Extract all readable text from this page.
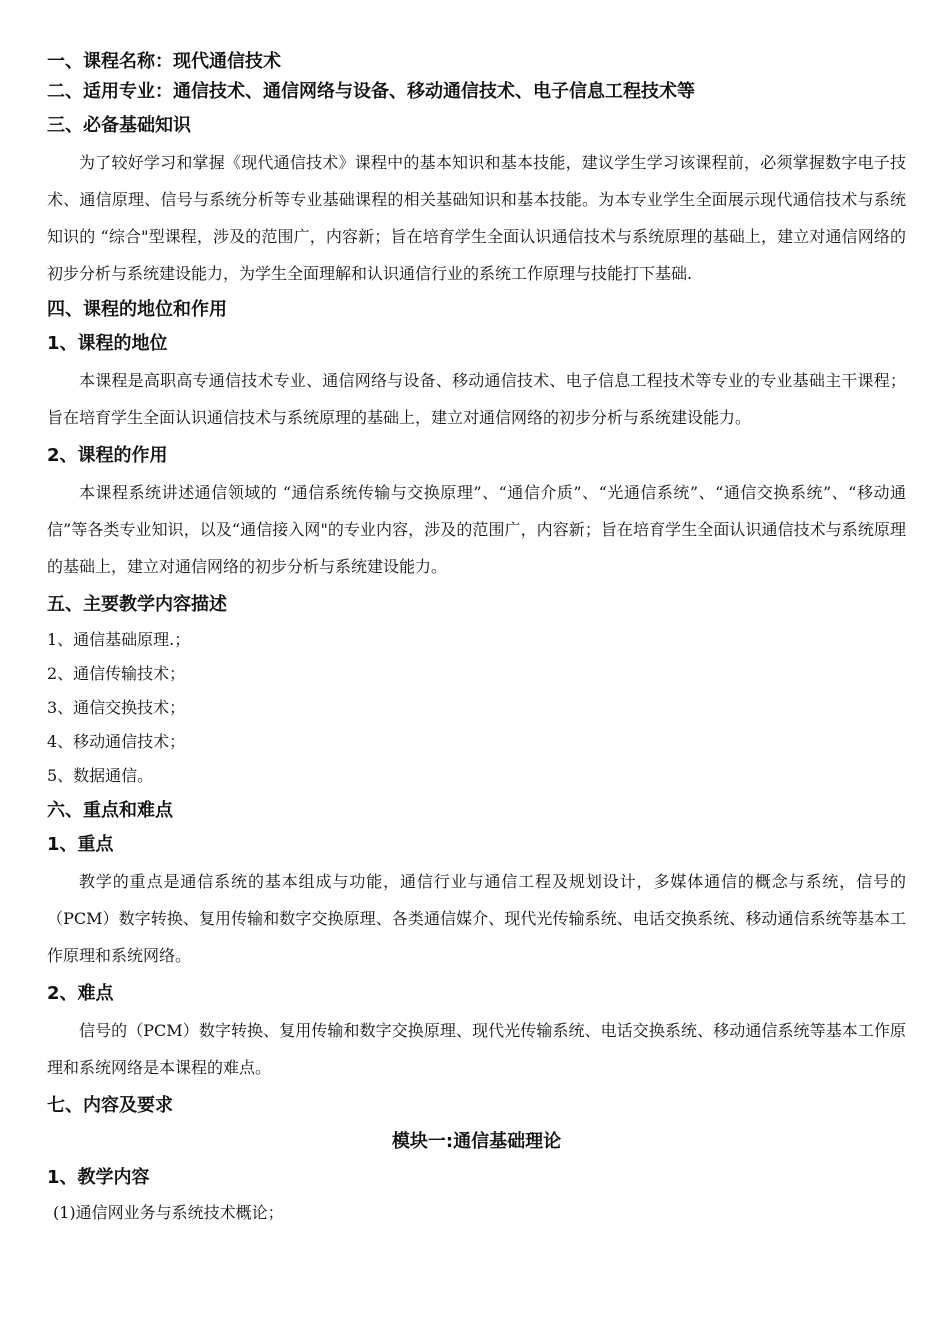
一、课程名称：现代通信技术

二、适用专业：通信技术、通信网络与设备、移动通信技术、电子信息工程技术等

三、必备基础知识

为了较好学习和掌握《现代通信技术》课程中的基本知识和基本技能，建议学生学习该课程前，必须掌握数字电子技术、通信原理、信号与系统分析等专业基础课程的相关基础知识和基本技能。为本专业学生全面展示现代通信技术与系统知识的 “综合"型课程，涉及的范围广，内容新；旨在培育学生全面认识通信技术与系统原理的基础上，建立对通信网络的初步分析与系统建设能力，为学生全面理解和认识通信行业的系统工作原理与技能打下基础.

四、课程的地位和作用

1、课程的地位

本课程是高职高专通信技术专业、通信网络与设备、移动通信技术、电子信息工程技术等专业的专业基础主干课程；旨在培育学生全面认识通信技术与系统原理的基础上，建立对通信网络的初步分析与系统建设能力。

2、课程的作用

本课程系统讲述通信领域的 “通信系统传输与交换原理”、“通信介质”、“光通信系统”、“通信交换系统”、“移动通信”等各类专业知识，以及“通信接入网"的专业内容，涉及的范围广，内容新；旨在培育学生全面认识通信技术与系统原理的基础上，建立对通信网络的初步分析与系统建设能力。

五、主要教学内容描述

1、通信基础原理.；

2、通信传输技术；

3、通信交换技术；

4、移动通信技术；

5、数据通信。

六、重点和难点

1、重点

教学的重点是通信系统的基本组成与功能，通信行业与通信工程及规划设计，多媒体通信的概念与系统，信号的（PCM）数字转换、复用传输和数字交换原理、各类通信媒介、现代光传输系统、电话交换系统、移动通信系统等基本工作原理和系统网络。

2、难点

信号的（PCM）数字转换、复用传输和数字交换原理、现代光传输系统、电话交换系统、移动通信系统等基本工作原理和系统网络是本课程的难点。

七、内容及要求

模块一:通信基础理论

1、教学内容

(1)通信网业务与系统技术概论；
